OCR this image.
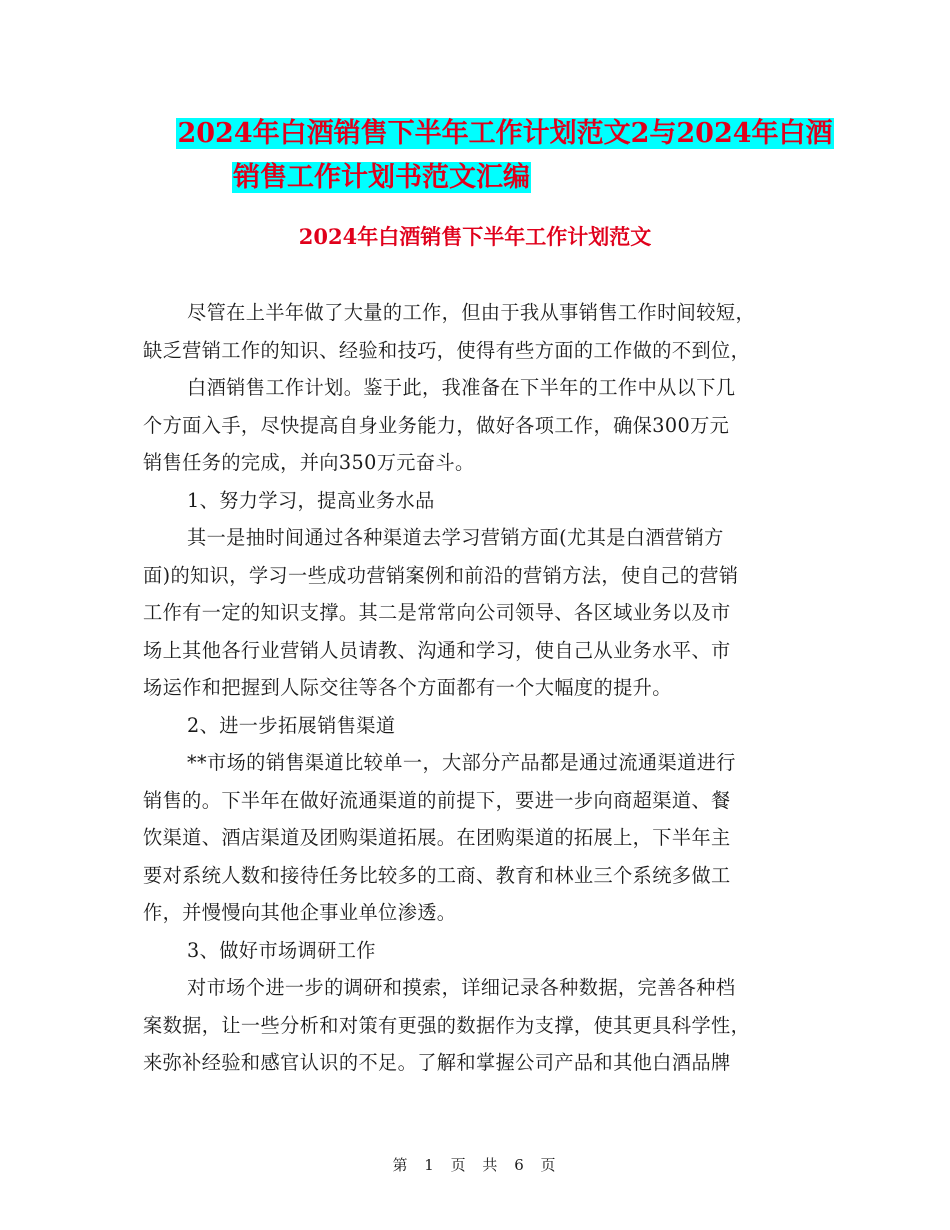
2024年白酒销售下半年工作计划范文2与2024年白酒
销售工作计划书范文汇编
2024年白酒销售下半年工作计划范文
尽管在上半年做了大量的工作，但由于我从事销售工作时间较短，
缺乏营销工作的知识、经验和技巧，使得有些方面的工作做的不到位，
白酒销售工作计划。鉴于此，我准备在下半年的工作中从以下几
个方面入手，尽快提高自身业务能力，做好各项工作，确保300万元
销售任务的完成，并向350万元奋斗。
1、努力学习，提高业务水品
其一是抽时间通过各种渠道去学习营销方面(尤其是白酒营销方
面)的知识，学习一些成功营销案例和前沿的营销方法，使自己的营销
工作有一定的知识支撑。其二是常常向公司领导、各区域业务以及市
场上其他各行业营销人员请教、沟通和学习，使自己从业务水平、市
场运作和把握到人际交往等各个方面都有一个大幅度的提升。
2、进一步拓展销售渠道
**市场的销售渠道比较单一，大部分产品都是通过流通渠道进行
销售的。下半年在做好流通渠道的前提下，要进一步向商超渠道、餐
饮渠道、酒店渠道及团购渠道拓展。在团购渠道的拓展上，下半年主
要对系统人数和接待任务比较多的工商、教育和林业三个系统多做工
作，并慢慢向其他企事业单位渗透。
3、做好市场调研工作
对市场个进一步的调研和摸索，详细记录各种数据，完善各种档
案数据，让一些分析和对策有更强的数据作为支撑，使其更具科学性，
来弥补经验和感官认识的不足。了解和掌握公司产品和其他白酒品牌
第 1 页 共 6 页
